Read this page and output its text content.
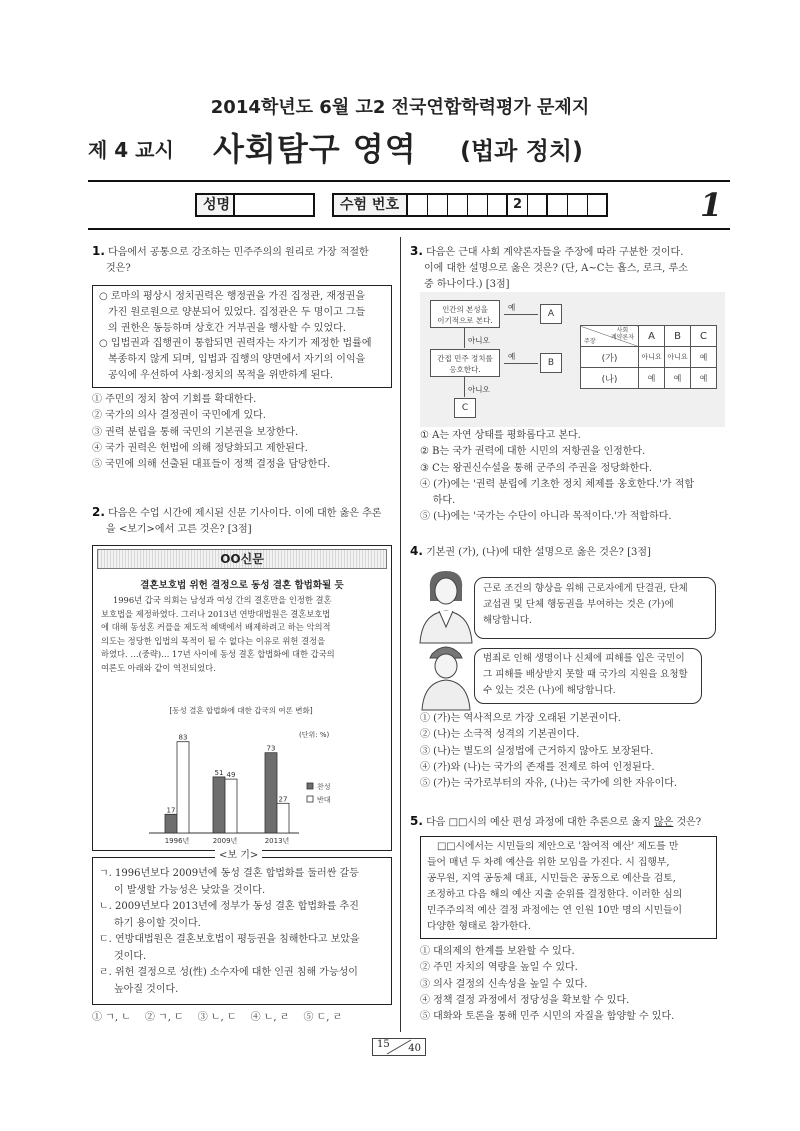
2014학년도 6월 고2 전국연합학력평가 문제지
제 4 교시 사회탐구 영역 (법과 정치)
성명	수험 번호	2	1
1. 다음에서 공통으로 강조하는 민주주의의 원리로 가장 적절한
것은?
○ 로마의 평상시 정치권력은 행정권을 가진 집정관, 재정권을
가진 원로원으로 양분되어 있었다. 집정관은 두 명이고 그들
의 권한은 동등하며 상호간 거부권을 행사할 수 있었다.
○ 입법권과 집행권이 통합되면 권력자는 자기가 제정한 법률에
복종하지 않게 되며, 입법과 집행의 양면에서 자기의 이익을
공익에 우선하여 사회·정치의 목적을 위반하게 된다.
① 주민의 정치 참여 기회를 확대한다.
② 국가의 의사 결정권이 국민에게 있다.
③ 권력 분립을 통해 국민의 기본권을 보장한다.
④ 국가 권력은 헌법에 의해 정당화되고 제한된다.
⑤ 국민에 의해 선출된 대표들이 정책 결정을 담당한다.
2. 다음은 수업 시간에 제시된 신문 기사이다. 이에 대한 옳은 추론
을 <보기>에서 고른 것은? [3점]
OO신문
결혼보호법 위헌 결정으로 동성 결혼 합법화될 듯
1996년 갑국 의회는 남성과 여성 간의 결혼만을 인정한 결혼
보호법을 제정하였다. 그러나 2013년 연방대법원은 결혼보호법
에 대해 동성혼 커플을 제도적 혜택에서 배제하려고 하는 악의적
의도는 정당한 입법의 목적이 될 수 없다는 이유로 위헌 결정을
하였다. …(중략)… 17년 사이에 동성 결혼 합법화에 대한 갑국의
여론도 아래와 같이 역전되었다.
[동성 결혼 합법화에 대한 갑국의 여론 변화]
(단위: %)
17
83
1996년
51 49
2009년
73
27
2013년
찬성
반대
ㄱ. 1996년보다 2009년에 동성 결혼 합법화를 둘러싼 갈등
이 발생할 가능성은 낮았을 것이다.
ㄴ. 2009년보다 2013년에 정부가 동성 결혼 합법화를 추진
하기 용이할 것이다.
ㄷ. 연방대법원은 결혼보호법이 평등권을 침해한다고 보았을
것이다.
ㄹ. 위헌 결정으로 성(性) 소수자에 대한 인권 침해 가능성이
높아질 것이다.
<보 기>
① ㄱ, ㄴ ② ㄱ, ㄷ ③ ㄴ, ㄷ ④ ㄴ, ㄹ ⑤ ㄷ, ㄹ
3. 다음은 근대 사회 계약론자들을 주장에 따라 구분한 것이다.
이에 대한 설명으로 옳은 것은? (단, A~C는 홉스, 로크, 루소
중 하나이다.) [3점]
인간의 본성을
이기적으로 본다.
예
A
아니오
간접 민주 정치를
옹호한다.
예
B
아니오
C
사회
계약론자
주장	A	B	C
(가)	아니요	아니요	예
(나)	예	예	예
① A는 자연 상태를 평화롭다고 본다.
② B는 국가 권력에 대한 시민의 저항권을 인정한다.
③ C는 왕권신수설을 통해 군주의 주권을 정당화한다.
④ (가)에는 '권력 분립에 기초한 정치 체제를 옹호한다.'가 적합
하다.
⑤ (나)에는 '국가는 수단이 아니라 목적이다.'가 적합하다.
4. 기본권 (가), (나)에 대한 설명으로 옳은 것은? [3점]
근로 조건의 향상을 위해 근로자에게 단결권, 단체
교섭권 및 단체 행동권을 부여하는 것은 (가)에
해당합니다.
범죄로 인해 생명이나 신체에 피해를 입은 국민이
그 피해를 배상받지 못할 때 국가의 지원을 요청할
수 있는 것은 (나)에 해당합니다.
① (가)는 역사적으로 가장 오래된 기본권이다.
② (나)는 소극적 성격의 기본권이다.
③ (나)는 별도의 실정법에 근거하지 않아도 보장된다.
④ (가)와 (나)는 국가의 존재를 전제로 하여 인정된다.
⑤ (가)는 국가로부터의 자유, (나)는 국가에 의한 자유이다.
5. 다음 □□시의 예산 편성 과정에 대한 추론으로 옳지 않은 것은?
□□시에서는 시민들의 제안으로 '참여적 예산' 제도를 만
들어 매년 두 차례 예산을 위한 모임을 가진다. 시 집행부,
공무원, 지역 공동체 대표, 시민들은 공동으로 예산을 검토,
조정하고 다음 해의 예산 지출 순위를 결정한다. 이러한 심의
민주주의적 예산 결정 과정에는 연 인원 10만 명의 시민들이
다양한 형태로 참가한다.
① 대의제의 한계를 보완할 수 있다.
② 주민 자치의 역량을 높일 수 있다.
③ 의사 결정의 신속성을 높일 수 있다.
④ 정책 결정 과정에서 정당성을 확보할 수 있다.
⑤ 대화와 토론을 통해 민주 시민의 자질을 함양할 수 있다.
15 40
